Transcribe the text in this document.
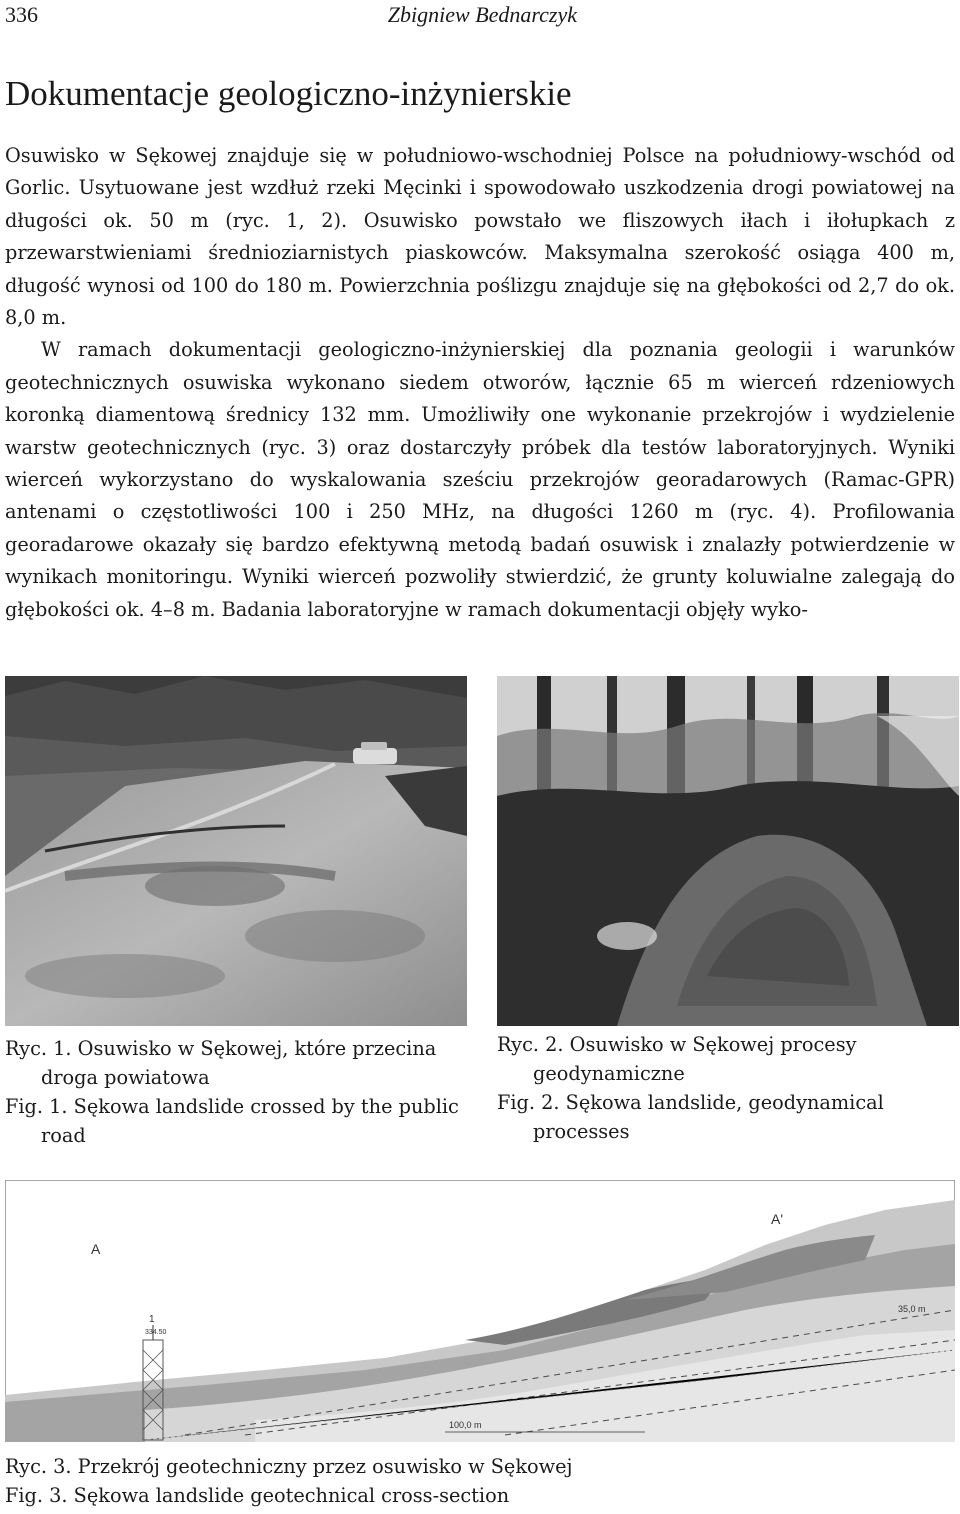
336	Zbigniew Bednarczyk
Dokumentacje geologiczno-inżynierskie

Osuwisko w Sękowej znajduje się w południowo-wschodniej Polsce na południowy-wschód od Gorlic. Usytuowane jest wzdłuż rzeki Męcinki i spowodowało uszkodzenia drogi powiatowej na długości ok. 50 m (ryc. 1, 2). Osuwisko powstało we fliszowych iłach i iłołupkach z przewarstwieniami średnioziarnistych piaskowców. Maksymalna szerokość osiąga 400 m, długość wynosi od 100 do 180 m. Powierzchnia poślizgu znajduje się na głębokości od 2,7 do ok. 8,0 m.

W ramach dokumentacji geologiczno-inżynierskiej dla poznania geologii i warunków geotechnicznych osuwiska wykonano siedem otworów, łącznie 65 m wierceń rdzeniowych koronką diamentową średnicy 132 mm. Umożliwiły one wykonanie przekrojów i wydzielenie warstw geotechnicznych (ryc. 3) oraz dostarczyły próbek dla testów laboratoryjnych. Wyniki wierceń wykorzystano do wyskalowania sześciu przekrojów georadarowych (Ramac-GPR) antenami o częstotliwości 100 i 250 MHz, na długości 1260 m (ryc. 4). Profilowania georadarowe okazały się bardzo efektywną metodą badań osuwisk i znalazły potwierdzenie w wynikach monitoringu. Wyniki wierceń pozwoliły stwierdzić, że grunty koluwialne zalegają do głębokości ok. 4–8 m. Badania laboratoryjne w ramach dokumentacji objęły wyko-

Ryc. 1. Osuwisko w Sękowej, które przecina droga powiatowa
Fig. 1. Sękowa landslide crossed by the public road
Ryc. 2. Osuwisko w Sękowej procesy geodynamiczne
Fig. 2. Sękowa landslide, geodynamical processes
1
334.50
A
A'
100,0 m
35,0 m
Ryc. 3. Przekrój geotechniczny przez osuwisko w Sękowej
Fig. 3. Sękowa landslide geotechnical cross-section
